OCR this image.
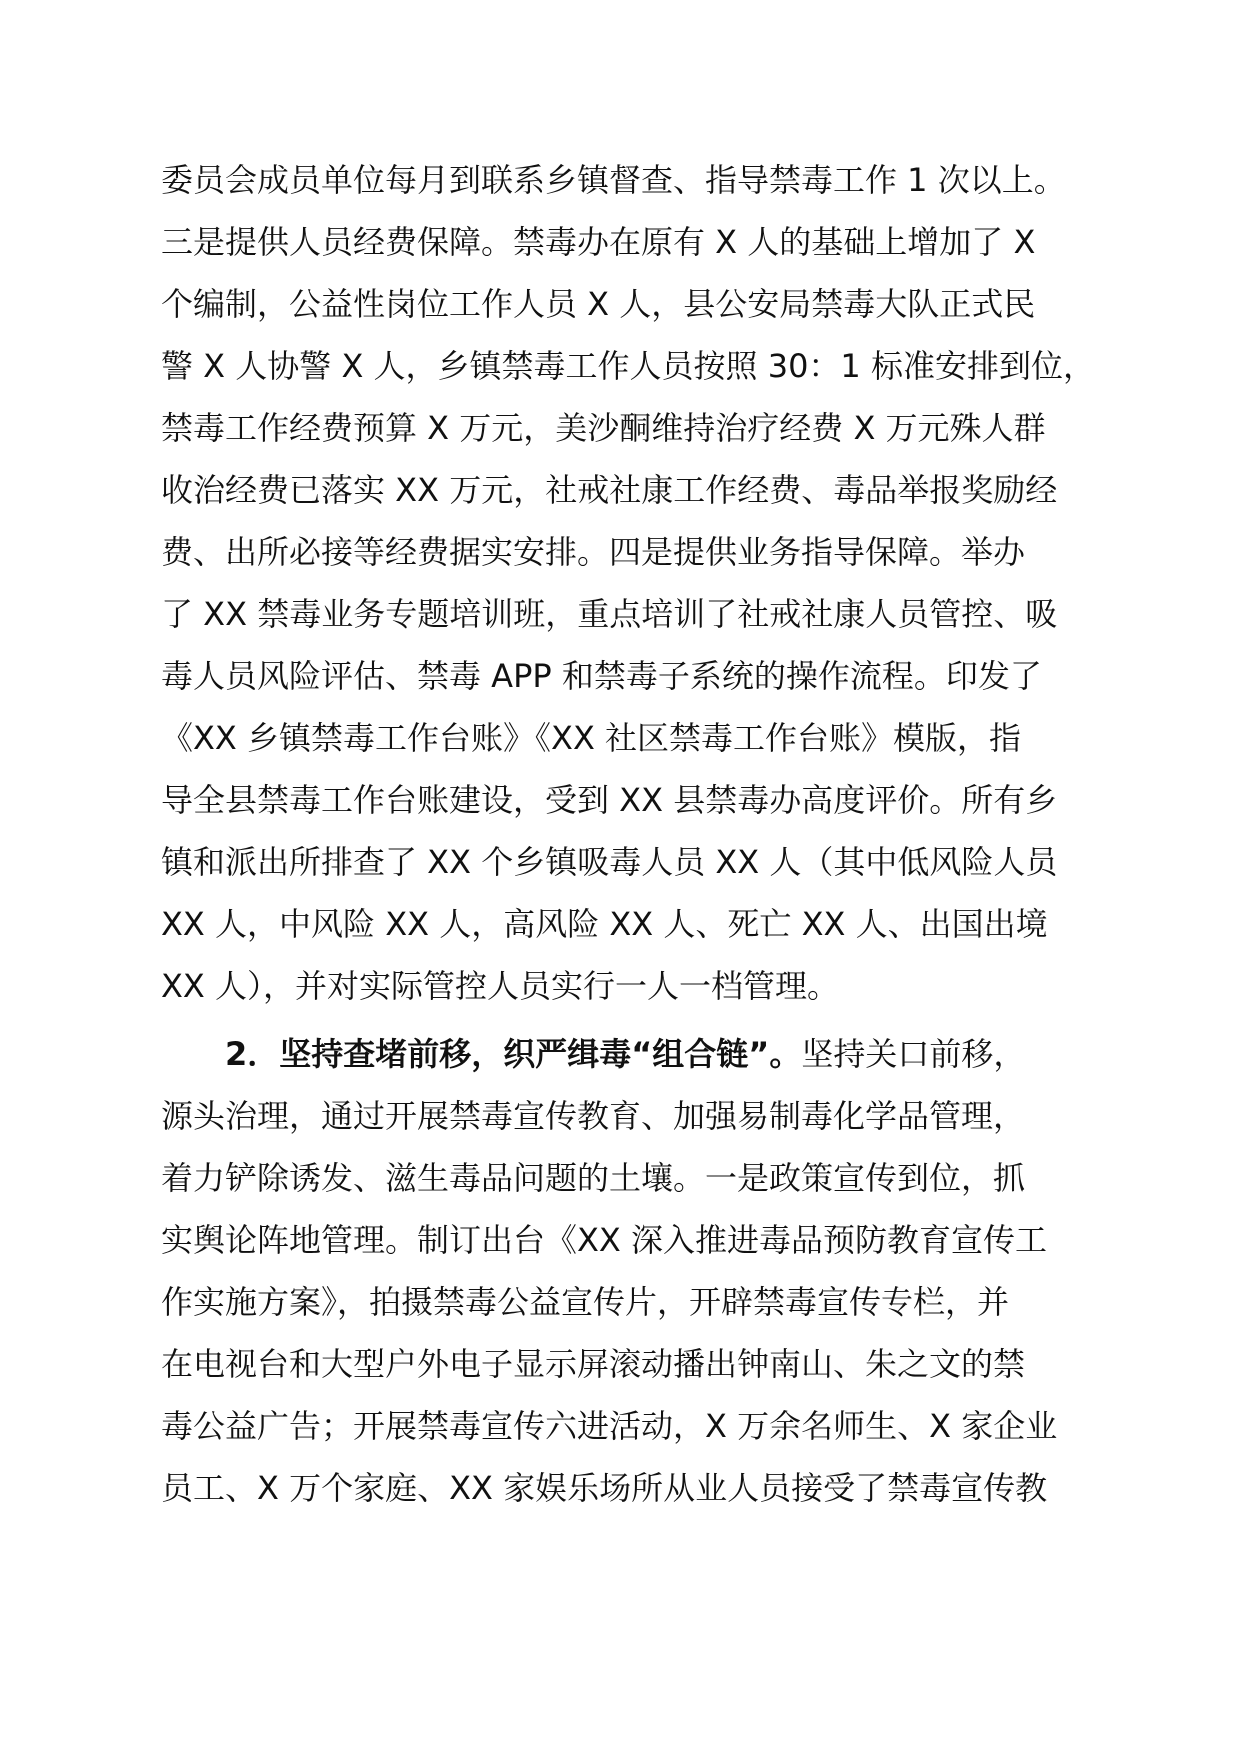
委员会成员单位每月到联系乡镇督查、指导禁毒工作 1 次以上。
三是提供人员经费保障。禁毒办在原有 X 人的基础上增加了 X
个编制，公益性岗位工作人员 X 人，县公安局禁毒大队正式民
警 X 人协警 X 人，乡镇禁毒工作人员按照 30：1 标准安排到位，
禁毒工作经费预算 X 万元，美沙酮维持治疗经费 X 万元殊人群
收治经费已落实 XX 万元，社戒社康工作经费、毒品举报奖励经
费、出所必接等经费据实安排。四是提供业务指导保障。举办
了 XX 禁毒业务专题培训班，重点培训了社戒社康人员管控、吸
毒人员风险评估、禁毒 APP 和禁毒子系统的操作流程。印发了
《XX 乡镇禁毒工作台账》《XX 社区禁毒工作台账》模版，指
导全县禁毒工作台账建设，受到 XX 县禁毒办高度评价。所有乡
镇和派出所排查了 XX 个乡镇吸毒人员 XX 人（其中低风险人员
XX 人，中风险 XX 人，高风险 XX 人、死亡 XX 人、出国出境
XX 人），并对实际管控人员实行一人一档管理。
2．坚持查堵前移，织严缉毒“组合链”。坚持关口前移，
源头治理，通过开展禁毒宣传教育、加强易制毒化学品管理，
着力铲除诱发、滋生毒品问题的土壤。一是政策宣传到位，抓
实舆论阵地管理。制订出台《XX 深入推进毒品预防教育宣传工
作实施方案》，拍摄禁毒公益宣传片，开辟禁毒宣传专栏，并
在电视台和大型户外电子显示屏滚动播出钟南山、朱之文的禁
毒公益广告；开展禁毒宣传六进活动，X 万余名师生、X 家企业
员工、X 万个家庭、XX 家娱乐场所从业人员接受了禁毒宣传教
